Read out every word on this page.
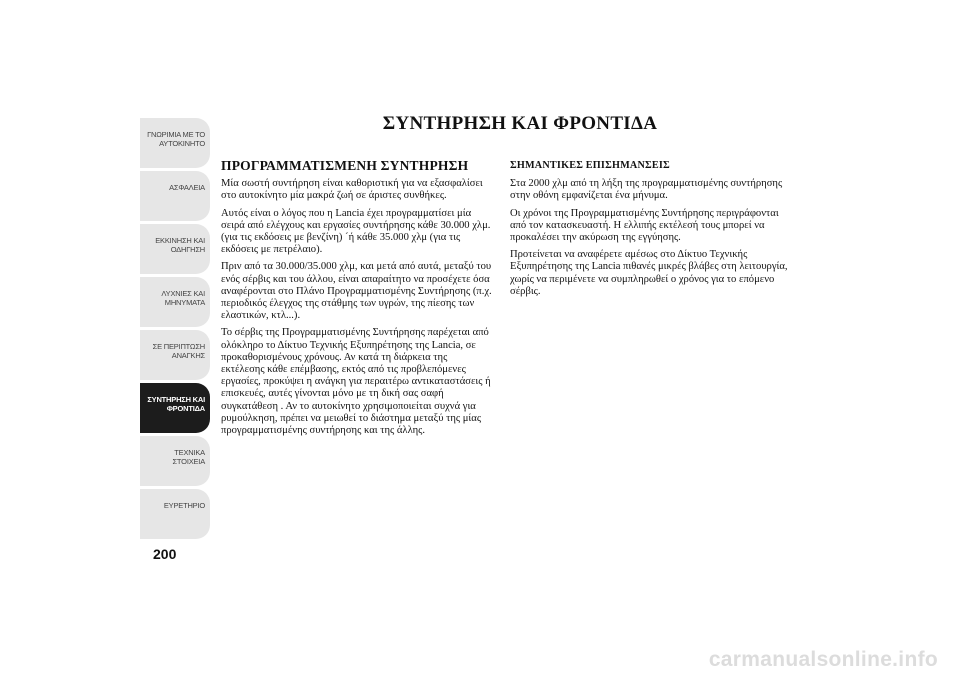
ΓΝΩΡΙΜΙΑ ΜΕ ΤΟ
ΑΥΤΟΚΙΝΗΤΟ
ΑΣΦΑΛΕΙΑ
ΕΚΚΙΝΗΣΗ ΚΑΙ
ΟΔΗΓΗΣΗ
ΛΥΧΝΙΕΣ ΚΑΙ
ΜΗΝΥΜΑΤΑ
ΣΕ ΠΕΡΙΠΤΩΣΗ
ΑΝΑΓΚΗΣ
ΣΥΝΤΗΡΗΣΗ ΚΑΙ
ΦΡΟΝΤΙΔΑ
ΤΕΧΝΙΚΑ ΣΤΟΙΧΕΙΑ
ΕΥΡΕΤΗΡΙΟ
200
ΣΥΝΤΗΡΗΣΗ ΚΑΙ ΦΡΟΝΤΙΔΑ
ΠΡΟΓΡΑΜΜΑΤΙΣΜΕΝΗ ΣΥΝΤΗΡΗΣΗ

Μία σωστή συντήρηση είναι καθοριστική για να εξασφαλίσει στο αυτοκίνητο μία μακρά ζωή σε άριστες συνθήκες.

Αυτός είναι ο λόγος που η Lancia έχει προγραμματίσει μία σειρά από ελέγχους και εργασίες συντήρησης κάθε 30.000 χλμ. (για τις εκδόσεις με βενζίνη) ´ή κάθε 35.000 χλμ (για τις εκδόσεις με πετρέλαιο).

Πριν από τα 30.000/35.000 χλμ, και μετά από αυτά, μεταξύ του ενός σέρβις και του άλλου, είναι απαραίτητο να προσέχετε όσα αναφέρονται στο Πλάνο Προγραμματισμένης Συντήρησης (π.χ. περιοδικός έλεγχος της στάθμης των υγρών, της πίεσης των ελαστικών, κτλ...).

Το σέρβις της Προγραμματισμένης Συντήρησης παρέχεται από ολόκληρο το Δίκτυο Τεχνικής Εξυπηρέτησης της Lancia, σε προκαθορισμένους χρόνους. Αν κατά τη διάρκεια της εκτέλεσης κάθε επέμβασης, εκτός από τις προβλεπόμενες εργασίες, προκύψει η ανάγκη για περαιτέρω αντικαταστάσεις ή επισκευές, αυτές γίνονται μόνο με τη δική σας σαφή συγκατάθεση . Αν το αυτοκίνητο χρησιμοποιείται συχνά για ρυμούλκηση, πρέπει να μειωθεί το διάστημα μεταξύ της μίας προγραμματισμένης συντήρησης και της άλλης.

ΣΗΜΑΝΤΙΚΕΣ ΕΠΙΣΗΜΑΝΣΕΙΣ

Στα 2000 χλμ από τη λήξη της προγραμματισμένης συντήρησης στην οθόνη εμφανίζεται ένα μήνυμα.

Οι χρόνοι της Προγραμματισμένης Συντήρησης περιγράφονται από τον κατασκευαστή. Η ελλιπής εκτέλεσή τους μπορεί να προκαλέσει την ακύρωση της εγγύησης.

Προτείνεται να αναφέρετε αμέσως στο Δίκτυο Τεχνικής Εξυπηρέτησης της Lancia πιθανές μικρές βλάβες στη λειτουργία, χωρίς να περιμένετε να συμπληρωθεί ο χρόνος για το επόμενο σέρβις.

carmanualsonline.info
